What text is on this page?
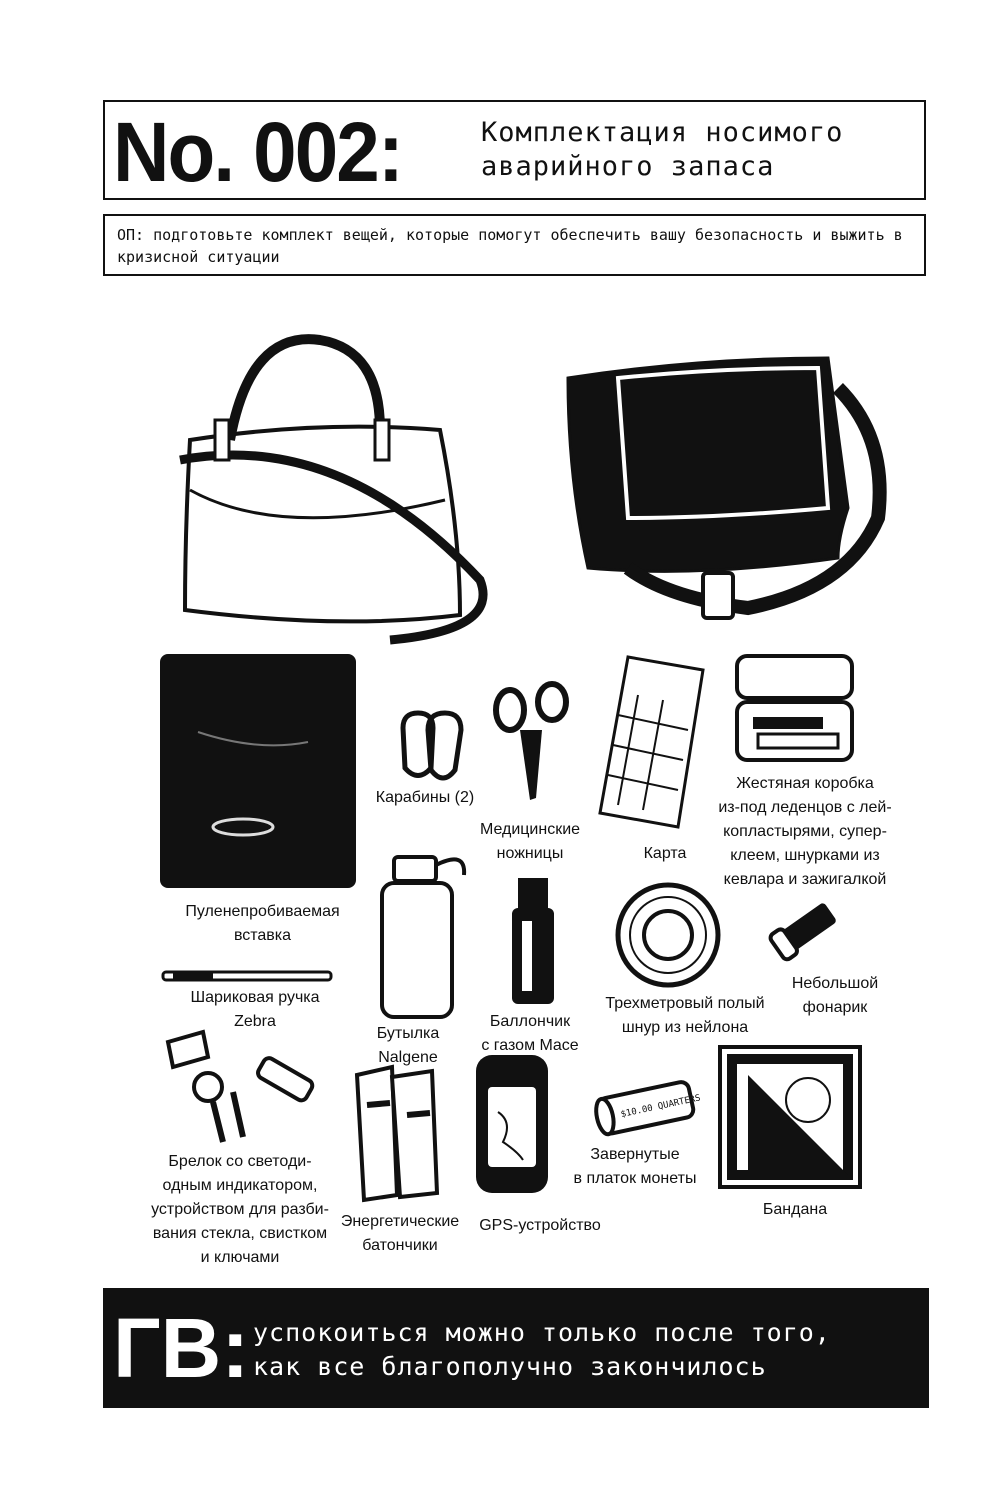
No. 002:	Комплектация носимого
аварийного запаса
ОП: подготовьте комплект вещей, которые помогут обеспечить вашу безопасность и выжить в кризисной ситуации
Пуленепробиваемая
вставка
Карабины (2)
Медицинские
ножницы	Карта
Жестяная коробка
из-под леденцов с лей-
копластырями, супер-
клеем, шнурками из
кевлара и зажигалкой
Шариковая ручка
Zebra
Бутылка
Nalgene
Баллончик
с газом Mace
Трехметровый полый
шнур из нейлона
Небольшой
фонарик
Брелок со светоди-
одным индикатором,
устройством для разби-
вания стекла, свистком
и ключами
Энергетические
батончики
GPS-устройство
$10.00 QUARTERS
Завернутые
в платок монеты
Бандана
ГВ: успокоиться можно только после того,
как все благополучно закончилось
